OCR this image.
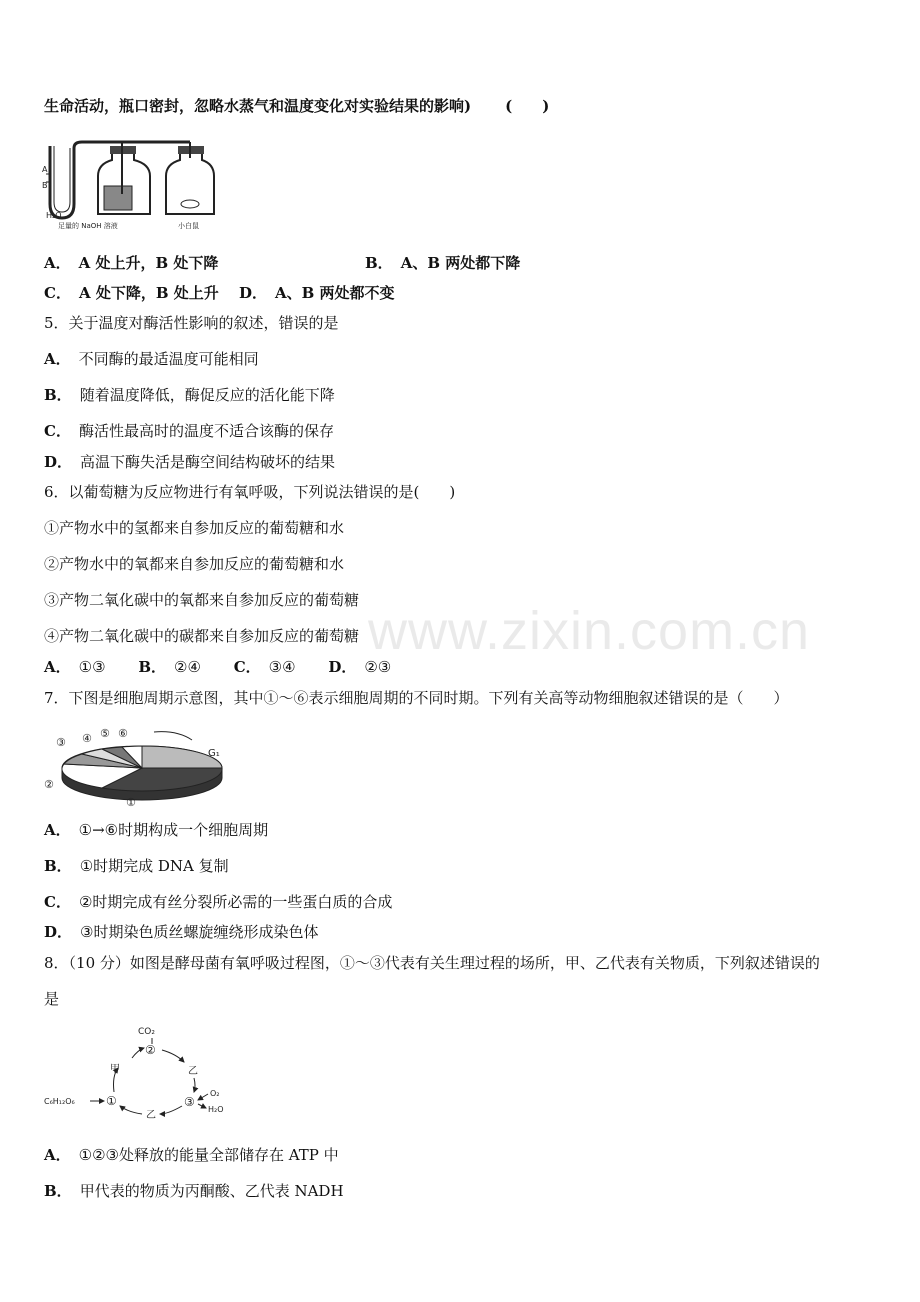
生命活动，瓶口密封，忽略水蒸气和温度变化对实验结果的影响) (　　)
A
B
H₂O
足量的 NaOH 溶液	小白鼠
A． A 处上升，B 处下降	B． A、B 两处都下降
C． A 处下降，B 处上升 D． A、B 两处都不变
5．关于温度对酶活性影响的叙述，错误的是
A． 不同酶的最适温度可能相同
B． 随着温度降低，酶促反应的活化能下降
C． 酶活性最高时的温度不适合该酶的保存
D． 高温下酶失活是酶空间结构破坏的结果
6．以葡萄糖为反应物进行有氧呼吸，下列说法错误的是(　　)
①产物水中的氢都来自参加反应的葡萄糖和水
②产物水中的氧都来自参加反应的葡萄糖和水
③产物二氧化碳中的氧都来自参加反应的葡萄糖
④产物二氧化碳中的碳都来自参加反应的葡萄糖
A． ①③ B． ②④ C． ③④ D． ②③
7．下图是细胞周期示意图，其中①～⑥表示细胞周期的不同时期。下列有关高等动物细胞叙述错误的是（　　）
①
②
③ ④ ⑤ ⑥
G₁
A． ①→⑥时期构成一个细胞周期
B． ①时期完成 DNA 复制
C． ②时期完成有丝分裂所必需的一些蛋白质的合成
D． ③时期染色质丝螺旋缠绕形成染色体
8．（10 分）如图是酵母菌有氧呼吸过程图，①～③代表有关生理过程的场所，甲、乙代表有关物质，下列叙述错误的
是
CO₂
②
甲	乙
C₆H₁₂O₆	①	③
乙
O₂
H₂O
A． ①②③处释放的能量全部储存在 ATP 中
B． 甲代表的物质为丙酮酸、乙代表 NADH
www.zixin.com.cn
